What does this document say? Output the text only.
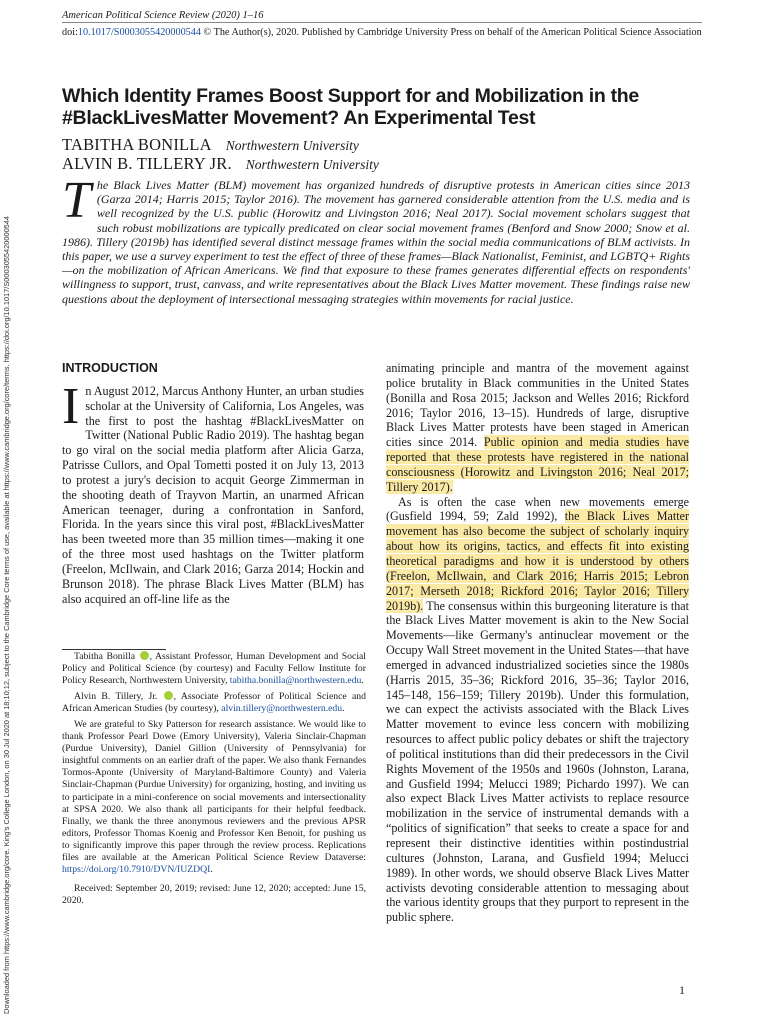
Downloaded from https://www.cambridge.org/core. King's College London, on 30 Jul 2020 at 18:10:12, subject to the Cambridge Core terms of use, available at https://www.cambridge.org/core/terms. https://doi.org/10.1017/S0003055420000544
American Political Science Review (2020) 1–16
doi:10.1017/S0003055420000544 © The Author(s), 2020. Published by Cambridge University Press on behalf of the American Political Science Association
Which Identity Frames Boost Support for and Mobilization in the #BlackLivesMatter Movement? An Experimental Test
TABITHA BONILLA Northwestern University
ALVIN B. TILLERY JR. Northwestern University
The Black Lives Matter (BLM) movement has organized hundreds of disruptive protests in American cities since 2013 (Garza 2014; Harris 2015; Taylor 2016). The movement has garnered considerable attention from the U.S. media and is well recognized by the U.S. public (Horowitz and Livingston 2016; Neal 2017). Social movement scholars suggest that such robust mobilizations are typically predicated on clear social movement frames (Benford and Snow 2000; Snow et al. 1986). Tillery (2019b) has identified several distinct message frames within the social media communications of BLM activists. In this paper, we use a survey experiment to test the effect of three of these frames—Black Nationalist, Feminist, and LGBTQ+ Rights—on the mobilization of African Americans. We find that exposure to these frames generates differential effects on respondents' willingness to support, trust, canvass, and write representatives about the Black Lives Matter movement. These findings raise new questions about the deployment of intersectional messaging strategies within movements for racial justice.
INTRODUCTION

In August 2012, Marcus Anthony Hunter, an urban studies scholar at the University of California, Los Angeles, was the first to post the hashtag #BlackLivesMatter on Twitter (National Public Radio 2019). The hashtag began to go viral on the social media platform after Alicia Garza, Patrisse Cullors, and Opal Tometti posted it on July 13, 2013 to protest a jury's decision to acquit George Zimmerman in the shooting death of Trayvon Martin, an unarmed African American teenager, during a confrontation in Sanford, Florida. In the years since this viral post, #BlackLivesMatter has been tweeted more than 35 million times—making it one of the three most used hashtags on the Twitter platform (Freelon, McIlwain, and Clark 2016; Garza 2014; Hockin and Brunson 2018). The phrase Black Lives Matter (BLM) has also acquired an off-line life as the

Tabitha Bonilla , Assistant Professor, Human Development and Social Policy and Political Science (by courtesy) and Faculty Fellow Institute for Policy Research, Northwestern University, tabitha.bonilla@northwestern.edu.

Alvin B. Tillery, Jr. , Associate Professor of Political Science and African American Studies (by courtesy), alvin.tillery@northwestern.edu.

We are grateful to Sky Patterson for research assistance. We would like to thank Professor Pearl Dowe (Emory University), Valeria Sinclair-Chapman (Purdue University), Daniel Gillion (University of Pennsylvania) for insightful comments on an earlier draft of the paper. We also thank Fernandes Tormos-Aponte (University of Maryland-Baltimore County) and Valeria Sinclair-Chapman (Purdue University) for organizing, hosting, and inviting us to participate in a mini-conference on social movements and intersectionality at SPSA 2020. We also thank all participants for their helpful feedback. Finally, we thank the three anonymous reviewers and the previous APSR editors, Professor Thomas Koenig and Professor Ken Benoit, for pushing us to significantly improve this paper through the review process. Replications files are available at the American Political Science Review Dataverse: https://doi.org/10.7910/DVN/IUZDQI.

Received: September 20, 2019; revised: June 12, 2020; accepted: June 15, 2020.

animating principle and mantra of the movement against police brutality in Black communities in the United States (Bonilla and Rosa 2015; Jackson and Welles 2016; Rickford 2016; Taylor 2016, 13–15). Hundreds of large, disruptive Black Lives Matter protests have been staged in American cities since 2014. Public opinion and media studies have reported that these protests have registered in the national consciousness (Horowitz and Livingston 2016; Neal 2017; Tillery 2017).

As is often the case when new movements emerge (Gusfield 1994, 59; Zald 1992), the Black Lives Matter movement has also become the subject of scholarly inquiry about how its origins, tactics, and effects fit into existing theoretical paradigms and how it is understood by others (Freelon, McIlwain, and Clark 2016; Harris 2015; Lebron 2017; Merseth 2018; Rickford 2016; Taylor 2016; Tillery 2019b). The consensus within this burgeoning literature is that the Black Lives Matter movement is akin to the New Social Movements—like Germany's antinuclear movement or the Occupy Wall Street movement in the United States—that have emerged in advanced industrialized societies since the 1980s (Harris 2015, 35–36; Rickford 2016, 35–36; Taylor 2016, 145–148, 156–159; Tillery 2019b). Under this formulation, we can expect the activists associated with the Black Lives Matter movement to evince less concern with mobilizing resources to affect public policy debates or shift the trajectory of political institutions than did their predecessors in the Civil Rights Movement of the 1950s and 1960s (Johnston, Larana, and Gusfield 1994; Melucci 1989; Pichardo 1997). We can also expect Black Lives Matter activists to replace resource mobilization in the service of instrumental demands with a “politics of signification” that seeks to create a space for and represent their distinctive identities within postindustrial cultures (Johnston, Larana, and Gusfield 1994; Melucci 1989). In other words, we should observe Black Lives Matter activists devoting considerable attention to messaging about the various identity groups that they purport to represent in the public sphere.

1
